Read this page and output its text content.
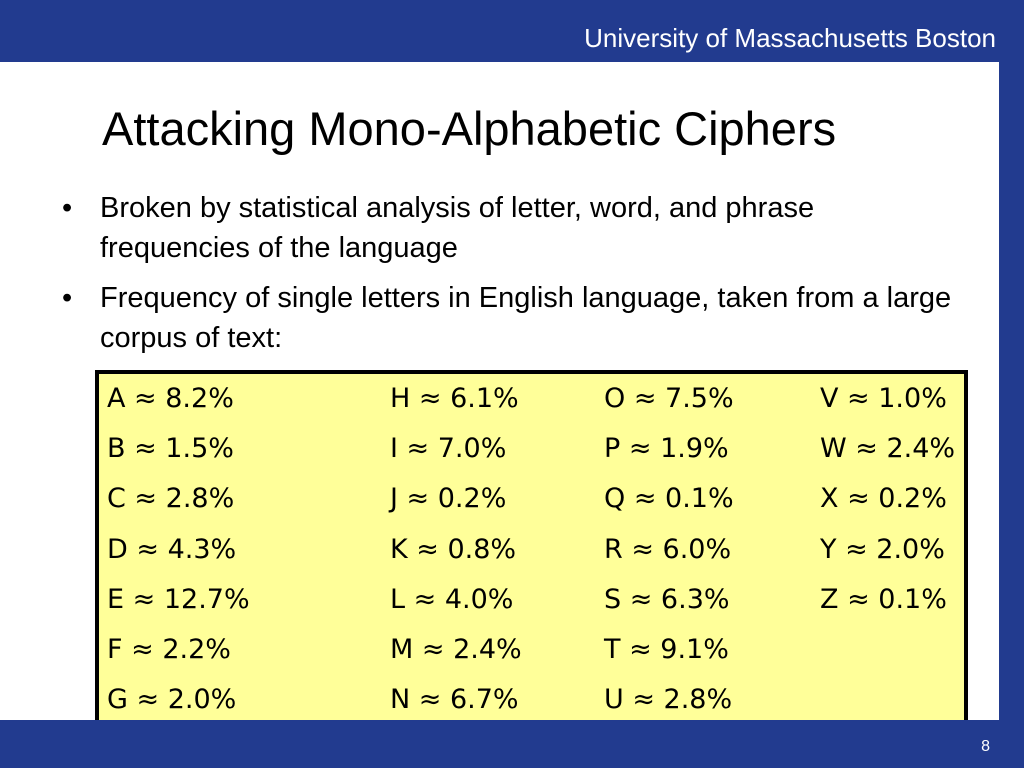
University of Massachusetts Boston
Attacking Mono-Alphabetic Ciphers
• Broken by statistical analysis of letter, word, and phrase frequencies of the language
• Frequency of single letters in English language, taken from a large corpus of text:
A ≈ 8.2%
B ≈ 1.5%
C ≈ 2.8%
D ≈ 4.3%
E ≈ 12.7%
F ≈ 2.2%
G ≈ 2.0%
H ≈ 6.1%
I ≈ 7.0%
J ≈ 0.2%
K ≈ 0.8%
L ≈ 4.0%
M ≈ 2.4%
N ≈ 6.7%
O ≈ 7.5%
P ≈ 1.9%
Q ≈ 0.1%
R ≈ 6.0%
S ≈ 6.3%
T ≈ 9.1%
U ≈ 2.8%
V ≈ 1.0%
W ≈ 2.4%
X ≈ 0.2%
Y ≈ 2.0%
Z ≈ 0.1%
8
